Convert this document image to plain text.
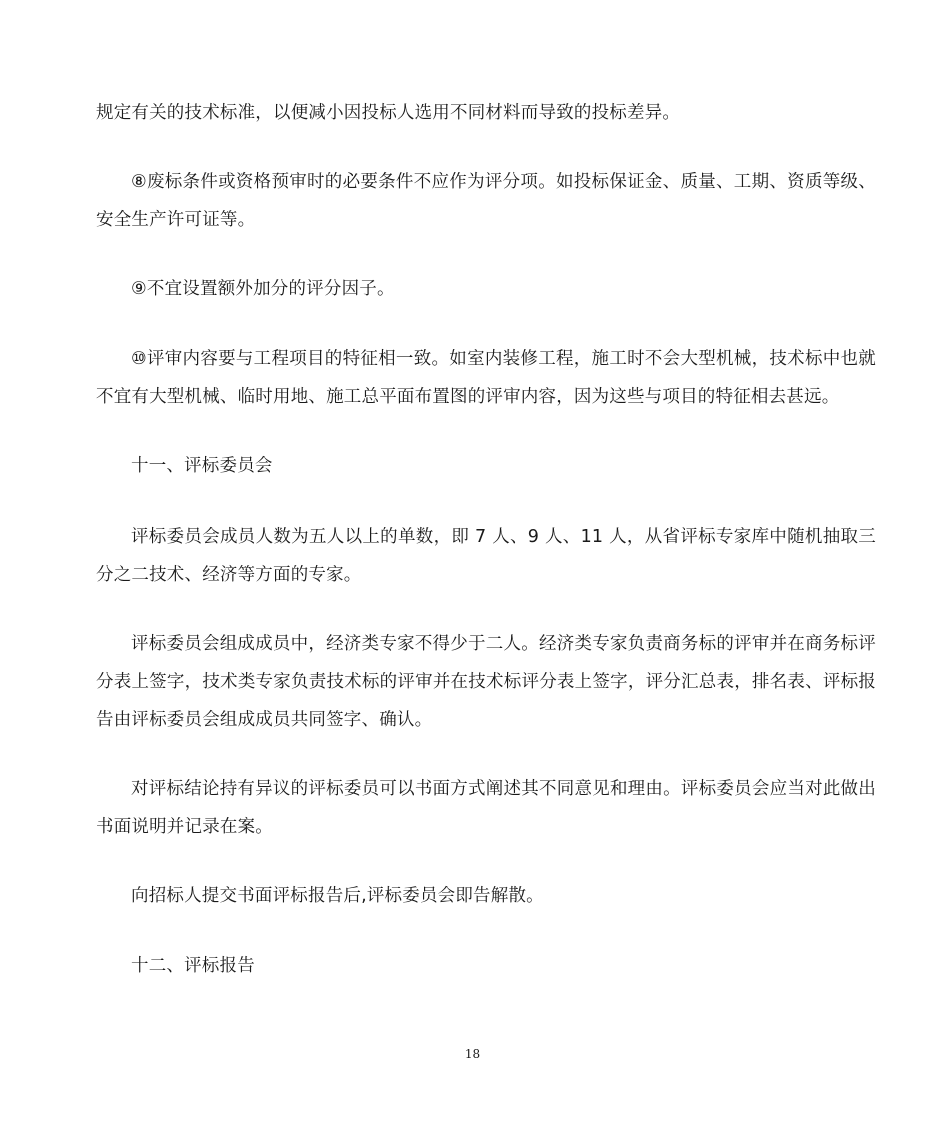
规定有关的技术标准，以便减小因投标人选用不同材料而导致的投标差异。

⑧废标条件或资格预审时的必要条件不应作为评分项。如投标保证金、质量、工期、资质等级、安全生产许可证等。

⑨不宜设置额外加分的评分因子。

⑩评审内容要与工程项目的特征相一致。如室内装修工程，施工时不会大型机械，技术标中也就不宜有大型机械、临时用地、施工总平面布置图的评审内容，因为这些与项目的特征相去甚远。

十一、评标委员会

评标委员会成员人数为五人以上的单数，即 7 人、9 人、11 人，从省评标专家库中随机抽取三分之二技术、经济等方面的专家。

评标委员会组成成员中，经济类专家不得少于二人。经济类专家负责商务标的评审并在商务标评分表上签字，技术类专家负责技术标的评审并在技术标评分表上签字，评分汇总表，排名表、评标报告由评标委员会组成成员共同签字、确认。

对评标结论持有异议的评标委员可以书面方式阐述其不同意见和理由。评标委员会应当对此做出书面说明并记录在案。

向招标人提交书面评标报告后,评标委员会即告解散。

十二、评标报告

18
